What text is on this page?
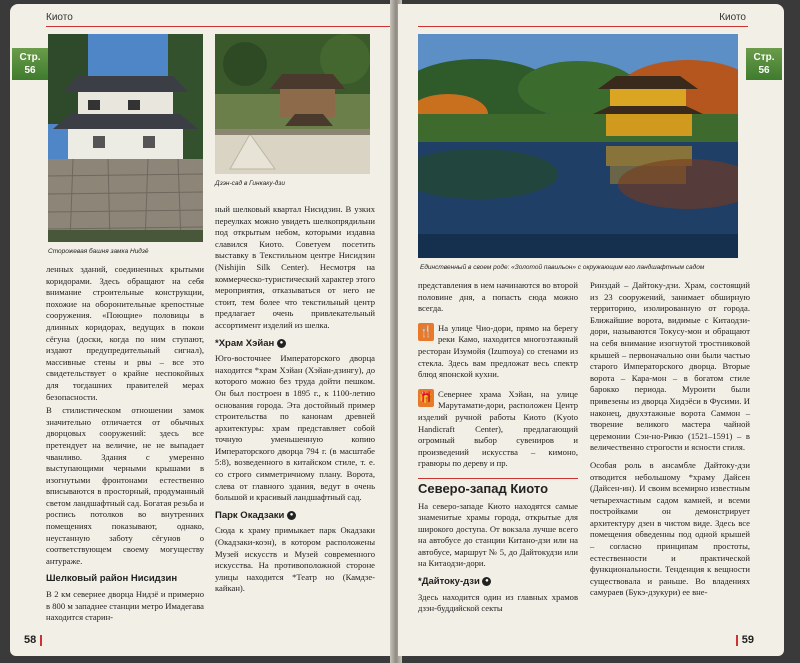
Киото
Стр.
56
Сторожевая башня замка Нидзё
Дзэн-сад в Гинкаку-дзи

ленных зданий, соединенных крытыми коридорами. Здесь обращают на себя внимание строительные конструкции, похожие на оборонительные крепостные сооружения. «Поющие» половицы в длинных коридорах, ведущих в покои сёгуна (доски, когда по ним ступают, издают предупредительный сигнал), массивные стены и рвы – все это свидетельствует о крайне неспокойных для тогдашних правителей мерах безопасности.

В стилистическом отношении замок значительно отличается от обычных дворцовых сооружений: здесь все претендует на величие, не не выпадает чванливо. Здания с умеренно выступающими черными крышами в изогнутыми фронтонами естественно вписываются в просторный, продуманный светом ландшафтный сад. Богатая резьба и роспись потолков во внутренних помещениях показывают, однако, неустанную заботу сёгунов о соответствующем своему могуществу антураже.

Шелковый район Нисидзин

В 2 км севернее дворца Нидзё и примерно в 800 м западнее станции метро Имадегава находится старин-

ный шелковый квартал Нисидзин. В узких переулках можно увидеть шелкопрядильни под открытым небом, которыми издавна славился Киото. Советуем посетить выставку в Текстильном центре Нисидзин (Nishijin Silk Center). Несмотря на коммерческо-туристический характер этого мероприятия, отказываться от него не стоит, тем более что текстильный центр предлагает очень привлекательный ассортимент изделий из шелка.

*Храм Хэйан ●

Юго-восточнее Императорского дворца находится *храм Хэйан (Хэйан-дзингу), до которого можно без труда дойти пешком. Он был построен в 1895 г., к 1100-летию основания города. Эта достойный пример строительства по канонам древней архитектуры: храм представляет собой точную уменьшенную копию Императорского дворца 794 г. (в масштабе 5:8), возведенного в китайском стиле, т. е. со строго симметричному плану. Ворота, слева от главного здания, ведут в очень большой и красивый ландшафтный сад.

Парк Окадзаки ●

Сюда к храму примыкает парк Окадзаки (Окадзаки-коэн), в котором расположены Музей искусств и Музей современного искусства. На противоположной стороне улицы находится *Театр но (Камдзе-кайкан).

58
Киото
Стр.
56
Единственный в своем роде: «Золотой павильон» с окружающим его ландшафтным садом

представления в нем начинаются во второй половине дня, а попасть сюда можно всегда.

🍴 На улице Чио-дори, прямо на берегу реки Камо, находится многоэтажный ресторан Изумойя (Izumoya) со стенами из стекла. Здесь вам предложат весь спектр блюд японской кухни.

🎁 Севернее храма Хэйан, на улице Марутамати-дори, расположен Центр изделий ручной работы Киото (Kyoto Handicraft Center), предлагающий огромный выбор сувениров и произведений искусства – кимоно, гравюры по дереву и пр.

Северо-запад Киото

На северо-западе Киото находятся самые знаменитые храмы города, открытые для широкого доступа. От вокзала лучше всего на автобусе до станции Китано-дзи или на автобусе, маршрут № 5, до Дайтокудзи или на Китаодзи-дори.

*Дайтоку-дзи ●

Здесь находится один из главных храмов дзэн-буддийской секты

Ринздай – Дайтоку-дзи. Храм, состоящий из 23 сооружений, занимает обширную территорию, изолированную от города. Ближайшие ворота, видимые с Китаодзи-дори, называются Токусу-мон и обращают на себя внимание изогнутой тростниковой крышей – первоначально они были частью старого Императорского дворца. Вторые ворота – Кара-мон – в богатом стиле барокко периода. Муроити были привезены из дворца Хидэёси в Фусими. И наконец, двухэтажные ворота Саммон – творение великого мастера чайной церемонии Сэн-но-Рикю (1521–1591) – в величественно строгости и ясности стиля.

Особая роль в ансамбле Дайтоку-дзи отводится небольшому *храму Дайсен (Дайсен-ин). И своим всемирно известным четырехчастным садом камней, и всеми постройками он демонстрирует архитектуру дзен в чистом виде. Здесь все помещения обведенны под одной крышей – согласно принципам простоты, естественности и практической функциональности. Тенденция к вещности существовала и раньше. Во владениях самураев (Букэ-дзукури) ее вне-

59
